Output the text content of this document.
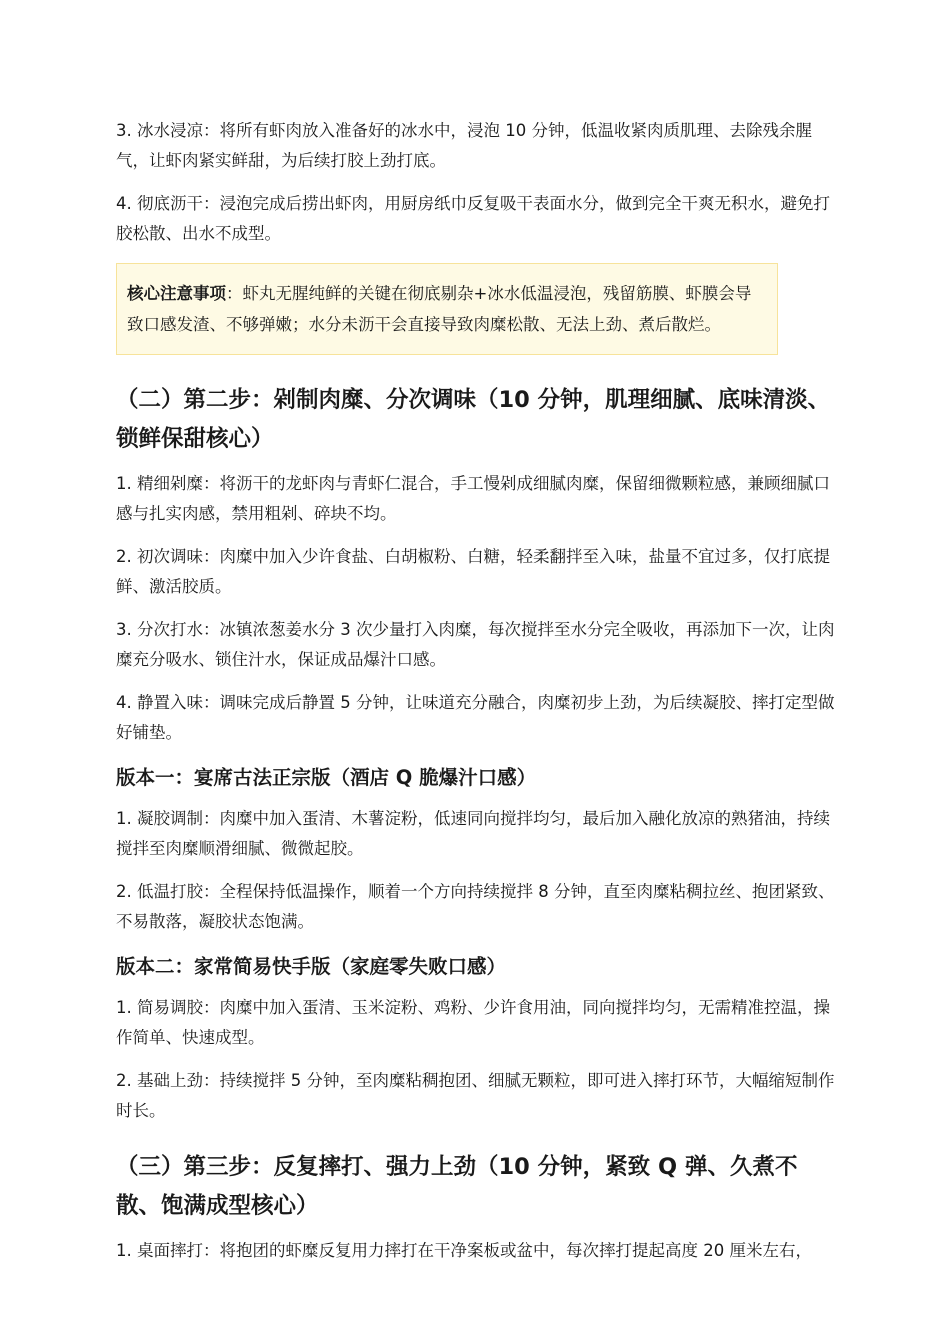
3. 冰水浸凉：将所有虾肉放入准备好的冰水中，浸泡 10 分钟，低温收紧肉质肌理、去除残余腥气，让虾肉紧实鲜甜，为后续打胶上劲打底。

4. 彻底沥干：浸泡完成后捞出虾肉，用厨房纸巾反复吸干表面水分，做到完全干爽无积水，避免打胶松散、出水不成型。

核心注意事项：虾丸无腥纯鲜的关键在彻底剔杂+冰水低温浸泡，残留筋膜、虾膜会导致口感发渣、不够弹嫩；水分未沥干会直接导致肉糜松散、无法上劲、煮后散烂。
（二）第二步：剁制肉糜、分次调味（10 分钟，肌理细腻、底味清淡、锁鲜保甜核心）

1. 精细剁糜：将沥干的龙虾肉与青虾仁混合，手工慢剁成细腻肉糜，保留细微颗粒感，兼顾细腻口感与扎实肉感，禁用粗剁、碎块不均。

2. 初次调味：肉糜中加入少许食盐、白胡椒粉、白糖，轻柔翻拌至入味，盐量不宜过多，仅打底提鲜、激活胶质。

3. 分次打水：冰镇浓葱姜水分 3 次少量打入肉糜，每次搅拌至水分完全吸收，再添加下一次，让肉糜充分吸水、锁住汁水，保证成品爆汁口感。

4. 静置入味：调味完成后静置 5 分钟，让味道充分融合，肉糜初步上劲，为后续凝胶、摔打定型做好铺垫。

版本一：宴席古法正宗版（酒店 Q 脆爆汁口感）

1. 凝胶调制：肉糜中加入蛋清、木薯淀粉，低速同向搅拌均匀，最后加入融化放凉的熟猪油，持续搅拌至肉糜顺滑细腻、微微起胶。

2. 低温打胶：全程保持低温操作，顺着一个方向持续搅拌 8 分钟，直至肉糜粘稠拉丝、抱团紧致、不易散落，凝胶状态饱满。

版本二：家常简易快手版（家庭零失败口感）

1. 简易调胶：肉糜中加入蛋清、玉米淀粉、鸡粉、少许食用油，同向搅拌均匀，无需精准控温，操作简单、快速成型。

2. 基础上劲：持续搅拌 5 分钟，至肉糜粘稠抱团、细腻无颗粒，即可进入摔打环节，大幅缩短制作时长。

（三）第三步：反复摔打、强力上劲（10 分钟，紧致 Q 弹、久煮不散、饱满成型核心）

1. 桌面摔打：将抱团的虾糜反复用力摔打在干净案板或盆中，每次摔打提起高度 20 厘米左右，
